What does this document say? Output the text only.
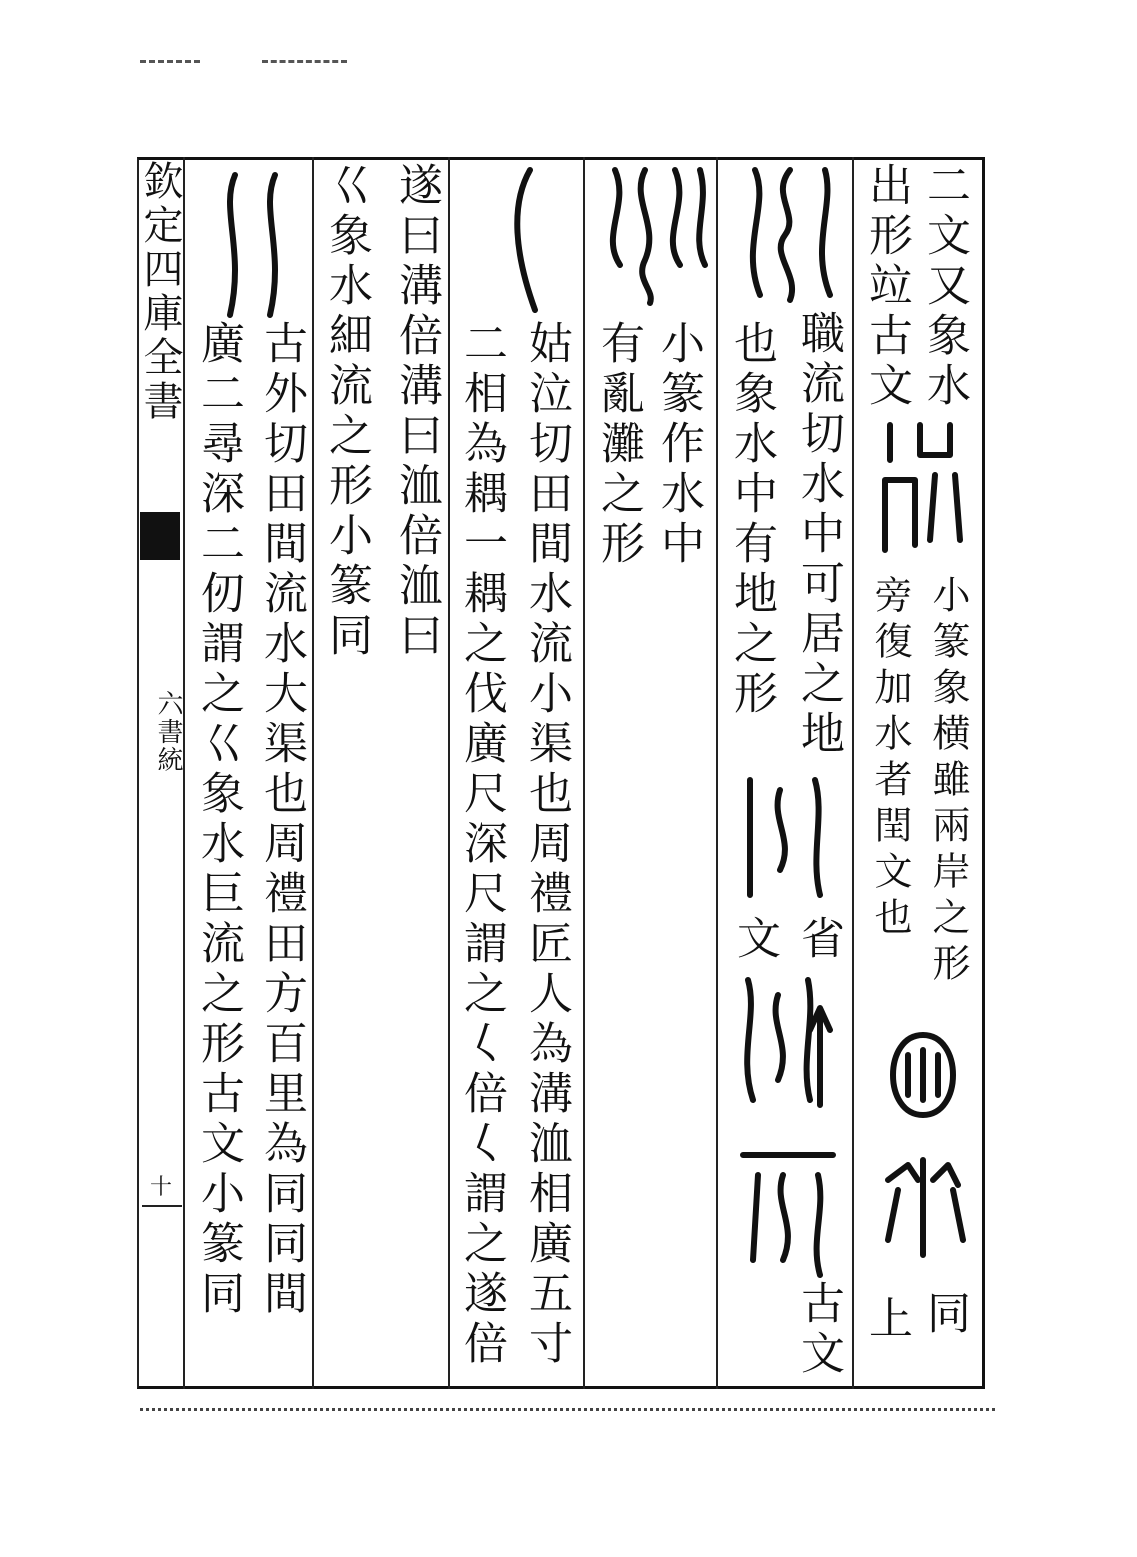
欽定四庫全書
六書統
十
二文又象水
小篆象横雖兩岸之形
同
出形竝古文
旁復加水者閏文也
上
職流切水中可居之地
省
古文
也象水中有地之形
文
小篆作水中
有亂灘之形
姑泣切田間水流小渠也周禮匠人為溝洫相廣五寸
二相為耦一耦之伐廣尺深尺謂之𡿨倍𡿨謂之遂倍
遂曰溝倍溝曰洫倍洫曰
巜象水細流之形小篆同
古外切田間流水大渠也周禮田方百里為同同間
廣二尋深二仞謂之巜象水巨流之形古文小篆同
